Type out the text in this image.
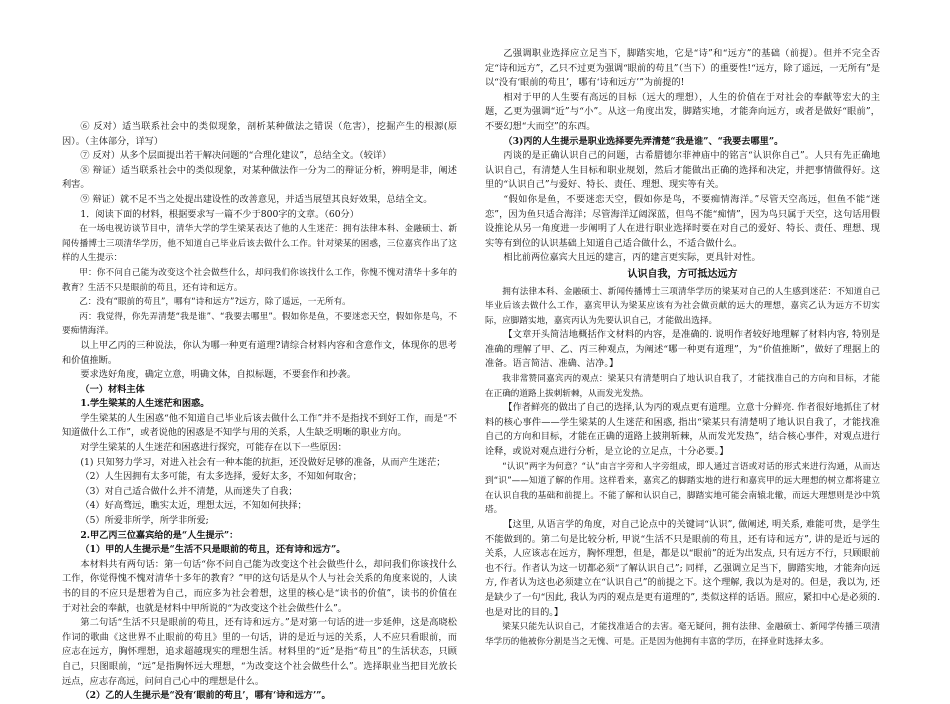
⑥ 反对）适当联系社会中的类似现象，剖析某种做法之错误（危害），挖掘产生的根源(原因）。（主体部分，详写）

⑦ 反对）从多个层面提出若干解决问题的“合理化建议”，总结全文。（较详）

⑧ 辩证）适当联系社会中的类似现象，对某种做法作一分为二的辩证分析，辨明是非，阐述利害。

⑨ 辩证）就不足不当之处提出建设性的改善意见，并适当展望其良好效果，总结全文。

1．阅读下面的材料，根据要求写一篇不少于800字的文章。（60分）

在一场电视访谈节目中，清华大学的学生梁某表达了他的人生迷茫：拥有法律本科、金融硕士、新闻传播博士三项清华学历，他不知道自己毕业后该去做什么工作。针对梁某的困惑，三位嘉宾作出了这样的人生提示：

甲：你不问自己能为改变这个社会做些什么，却问我们你该找什么工作，你愧不愧对清华十多年的教育？生活不只是眼前的苟且，还有诗和远方。

乙：没有“眼前的苟且”，哪有“诗和远方”?远方，除了遥远，一无所有。

丙：我觉得，你先弄清楚“我是谁”、“我要去哪里”。假如你是鱼，不要迷恋天空，假如你是鸟，不要痴情海洋。

以上甲乙丙的三种说法，你认为哪一种更有道理?请综合材料内容和含意作文，体现你的思考和价值推断。

要求选好角度，确定立意，明确文体，自拟标题，不要套作和抄袭。

（一）材料主体

1.学生梁某的人生迷茫和困惑。

学生梁某的人生困惑“他不知道自己毕业后该去做什么工作”并不是指找不到好工作，而是“不知道做什么工作”，或者说他的困惑是不知学与用的关系，人生缺乏明晰的职业方向。

对学生梁某的人生迷茫和困惑进行探究，可能存在以下一些原因：

(1) 只知努力学习，对进入社会有一种本能的抗拒，还没做好足够的准备，从而产生迷茫；

（2）人生因拥有太多可能，有太多选择，爱好太多，不知如何取舍；

（3）对自己适合做什么并不清楚，从而迷失了自我；

（4）好高骛远，瞧实太近，理想太远，不知如何抉择；

（5）所爱非所学，所学非所爱;

2.甲乙丙三位嘉宾给的是“人生提示”：

（1）甲的人生提示是“生活不只是眼前的苟且，还有诗和远方”。

本材料共有两句话：第一句话“你不问自己能为改变这个社会做些什么，却问我们你该找什么工作，你觉得愧不愧对清华十多年的教育？”甲的这句话是从个人与社会关系的角度来说的，人读书的目的不应只是想着为自己，而应多为社会着想，这里的核心是“读书的价值”，读书的价值在于对社会的奉献，也就是材料中甲所说的“为改变这个社会做些什么”。

第二句话“生活不只是眼前的苟且，还有诗和远方。”是对第一句话的进一步延伸，这是高晓松作词的歌曲《这世界不止眼前的苟且》里的一句话，讲的是近与远的关系，人不应只看眼前，而应志在远方，胸怀理想，追求超越现实的理想生活。材料里的“近”是指“苟且”的生活状态，只顾自己，只图眼前，“远”是指胸怀远大理想，“为改变这个社会做些什么”。选择职业当把目光放长远点，应志存高远，问问自己心中的理想是什么。

（2）乙的人生提示是“没有‘眼前的苟且’，哪有‘诗和远方’”。

乙强调职业选择应立足当下，脚踏实地，它是“诗”和“远方”的基础（前提）。但并不完全否定“诗和远方”，乙只不过更为强调“眼前的苟且”（当下）的重要性!“远方，除了遥远，一无所有”是以“没有‘眼前的苟且’，哪有‘诗和远方’”为前提的!

相对于甲的人生要有高远的目标（远大的理想），人生的价值在于对社会的奉献等宏大的主题，乙更为强调“近”与“小”。从这一角度出发，脚踏实地，才能奔向远方，或者是做好“眼前”，不要幻想“大而空”的东西。

（3)丙的人生提示是职业选择要先弄清楚“我是谁”、“我要去哪里”。

丙谈的是正确认识自己的问题，古希腊德尔菲神庙中的铭言“认识你自己”。人只有先正确地认识自己，有清楚人生目标和职业规划，然后才能做出正确的选择和决定，并把事情做得好。这里的“认识自己”与爱好、特长、责任、理想、现实等有关。

“假如你是鱼，不要迷恋天空，假如你是鸟，不要痴情海洋。”尽管天空高远，但鱼不能“迷恋”，因为鱼只适合海洋；尽管海洋辽阔深蓝，但鸟不能“痴情”，因为鸟只属于天空，这句话用假设推论从另一角度进一步阐明了人在进行职业选择时要在对自己的爱好、特长、责任、理想、现实等有到位的认识基础上知道自己适合做什么，不适合做什么。

相比前两位嘉宾大且远的建言，丙的建言更实际，更具针对性。

认识自我，方可抵达远方

拥有法律本科、金融硕士、新闻传播博士三项清华学历的梁某对自己的人生感到迷茫：不知道自己毕业后该去做什么工作，嘉宾甲认为梁某应该有为社会做贡献的远大的理想，嘉宾乙认为远方不切实际，应脚踏实地，嘉宾丙认为先要认识自己，才能做出选择。

【文章开头简洁地概括作文材料的内容，是准确的. 说明作者较好地理解了材料内容, 特别是准确的理解了甲、乙、丙三种观点，为阐述“哪一种更有道理”，为“价值推断”，做好了理据上的准备。语言简洁、准确、洁净。】

我非常赞同嘉宾丙的观点：梁某只有清楚明白了地认识自我了，才能找准自己的方向和目标，才能在正确的道路上拔刺斩棘，从而发光发热。

【作者鲜亮的做出了自己的选择,认为丙的观点更有道理。立意十分鲜亮. 作者很好地抓住了材料的核心事件——学生梁某的人生迷茫和困惑, 指出“梁某只有清楚明了地认识自我了，才能找准自己的方向和目标，才能在正确的道路上披荆斩棘，从而发光发热”，结合核心事件，对观点进行诠释，或说对观点进行分析，是立论的立足点，十分必要。】

“认识”两字为何意？“认”由言字旁和人字旁组成，即人通过言语或对话的形式来进行沟通，从而达到“识”——知道了解的作用。这样看来，嘉宾乙的脚踏实地的进行和嘉宾甲的远大理想的树立都将建立在认识自我的基础和前提上。不能了解和认识自己，脚踏实地可能会南辕北辙，而远大理想则是沙中筑塔。

【这里, 从语言学的角度，对自己论点中的关键词“认识”, 做阐述, 明关系, 难能可贵，是学生不能做到的。第二句是比较分析, 甲说“生活不只是眼前的苟且，还有诗和远方”, 讲的是近与远的关系，人应该志在远方，胸怀理想，但是，都是以“眼前”的近为出发点, 只有远方不行，只顾眼前也不行。作者认为这一切都必须“了解认识自己”; 同样，乙强调立足当下，脚踏实地，才能奔向远方, 作者认为这也必须建立在“认识自己”的前提之下。这个理解, 我以为是对的。但是，我以为, 还是缺少了一句“因此, 我认为丙的观点是更有道理的”, 类似这样的话语。照应，紧扣中心是必须的. 也是对比的目的。】

梁某只能先认识自己，才能找准适合的去害。毫无疑问，拥有法律、金融硕士、新闻学传播三项清华学历的他被你分割是当之无愧、可是。正是因为他拥有丰富的学历，在择业时选择太多。
